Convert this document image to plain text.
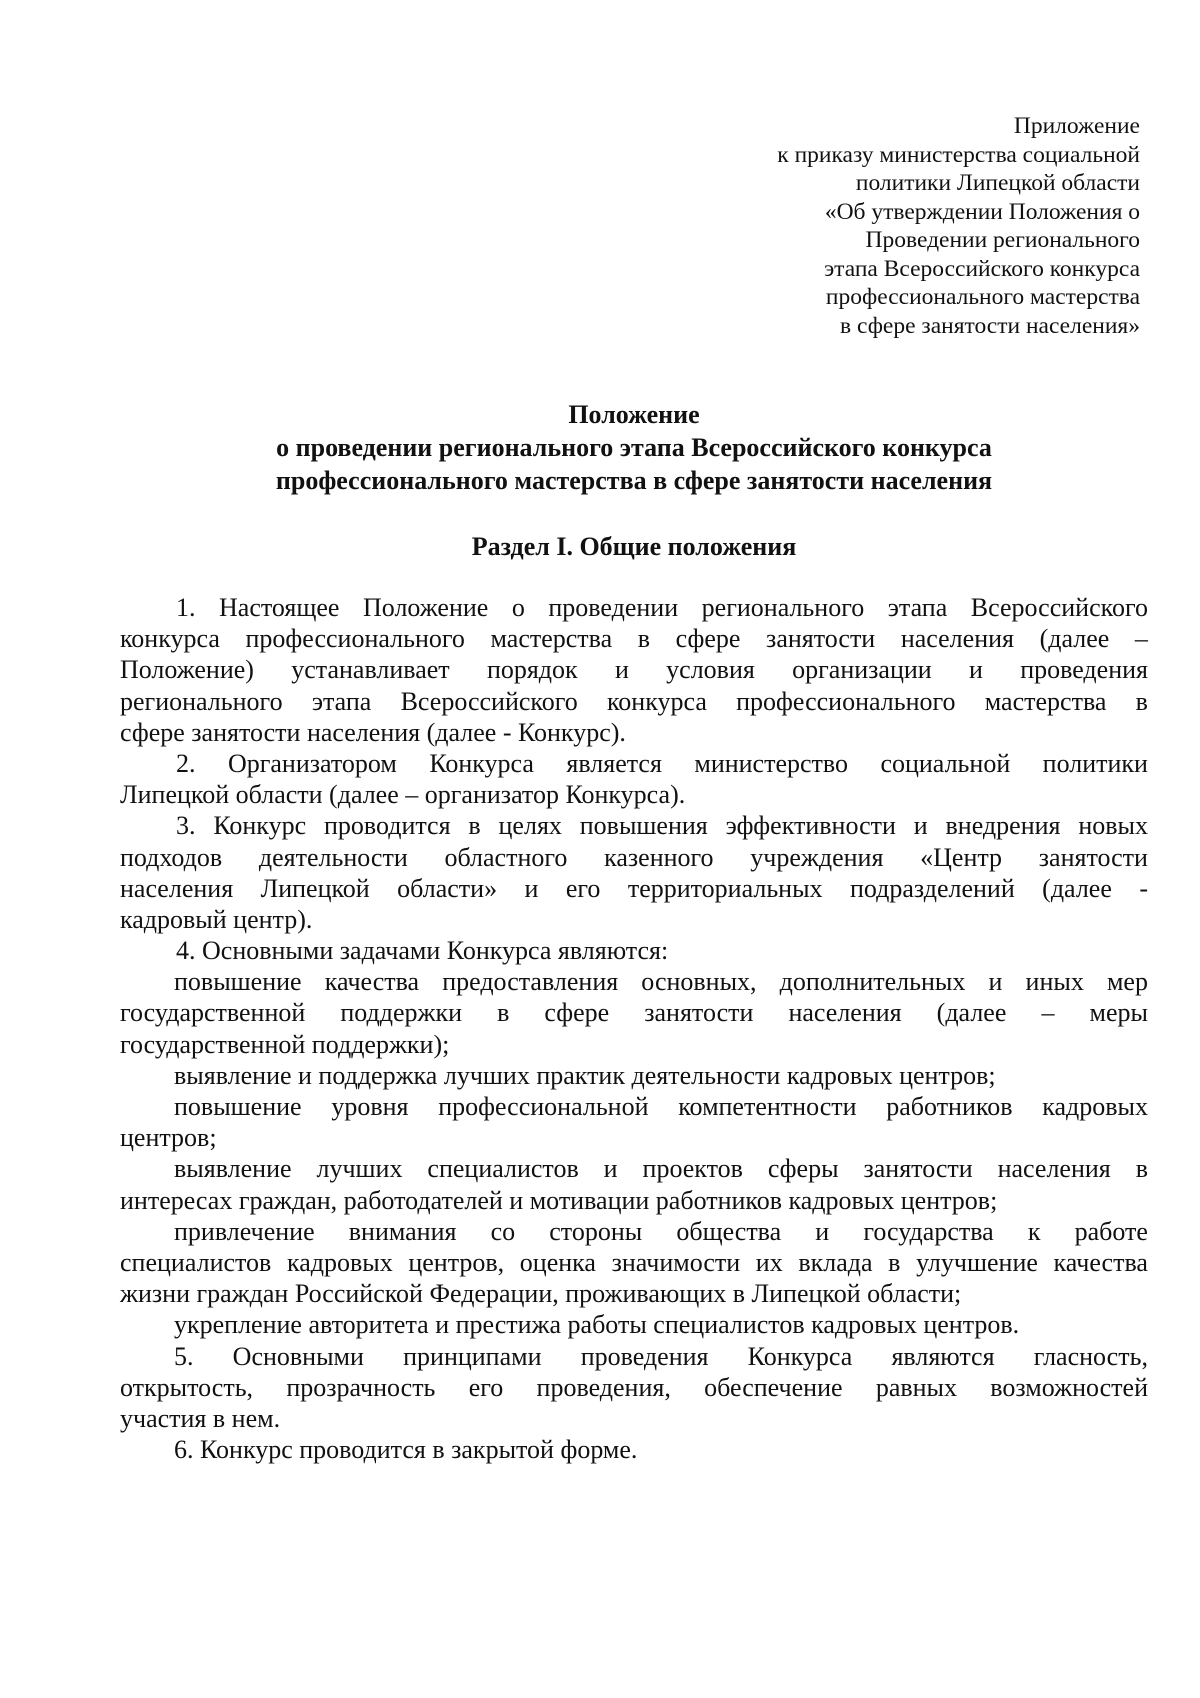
Приложение
к приказу министерства социальной
политики Липецкой области
«Об утверждении Положения о
Проведении регионального
этапа Всероссийского конкурса
профессионального мастерства
в сфере занятости населения»
Положение
о проведении регионального этапа Всероссийского конкурса
профессионального мастерства в сфере занятости населения
Раздел I. Общие положения
1. Настоящее Положение о проведении регионального этапа Всероссийского
конкурса профессионального мастерства в сфере занятости населения (далее –
Положение) устанавливает порядок и условия организации и проведения
регионального этапа Всероссийского конкурса профессионального мастерства в
сфере занятости населения (далее - Конкурс).
2. Организатором Конкурса является министерство социальной политики
Липецкой области (далее – организатор Конкурса).
3. Конкурс проводится в целях повышения эффективности и внедрения новых
подходов деятельности областного казенного учреждения «Центр занятости
населения Липецкой области» и его территориальных подразделений (далее -
кадровый центр).
4. Основными задачами Конкурса являются:
повышение качества предоставления основных, дополнительных и иных мер
государственной поддержки в сфере занятости населения (далее – меры
государственной поддержки);
выявление и поддержка лучших практик деятельности кадровых центров;
повышение уровня профессиональной компетентности работников кадровых
центров;
выявление лучших специалистов и проектов сферы занятости населения в
интересах граждан, работодателей и мотивации работников кадровых центров;
привлечение внимания со стороны общества и государства к работе
специалистов кадровых центров, оценка значимости их вклада в улучшение качества
жизни граждан Российской Федерации, проживающих в Липецкой области;
укрепление авторитета и престижа работы специалистов кадровых центров.
5. Основными принципами проведения Конкурса являются гласность,
открытость, прозрачность его проведения, обеспечение равных возможностей
участия в нем.
6. Конкурс проводится в закрытой форме.
